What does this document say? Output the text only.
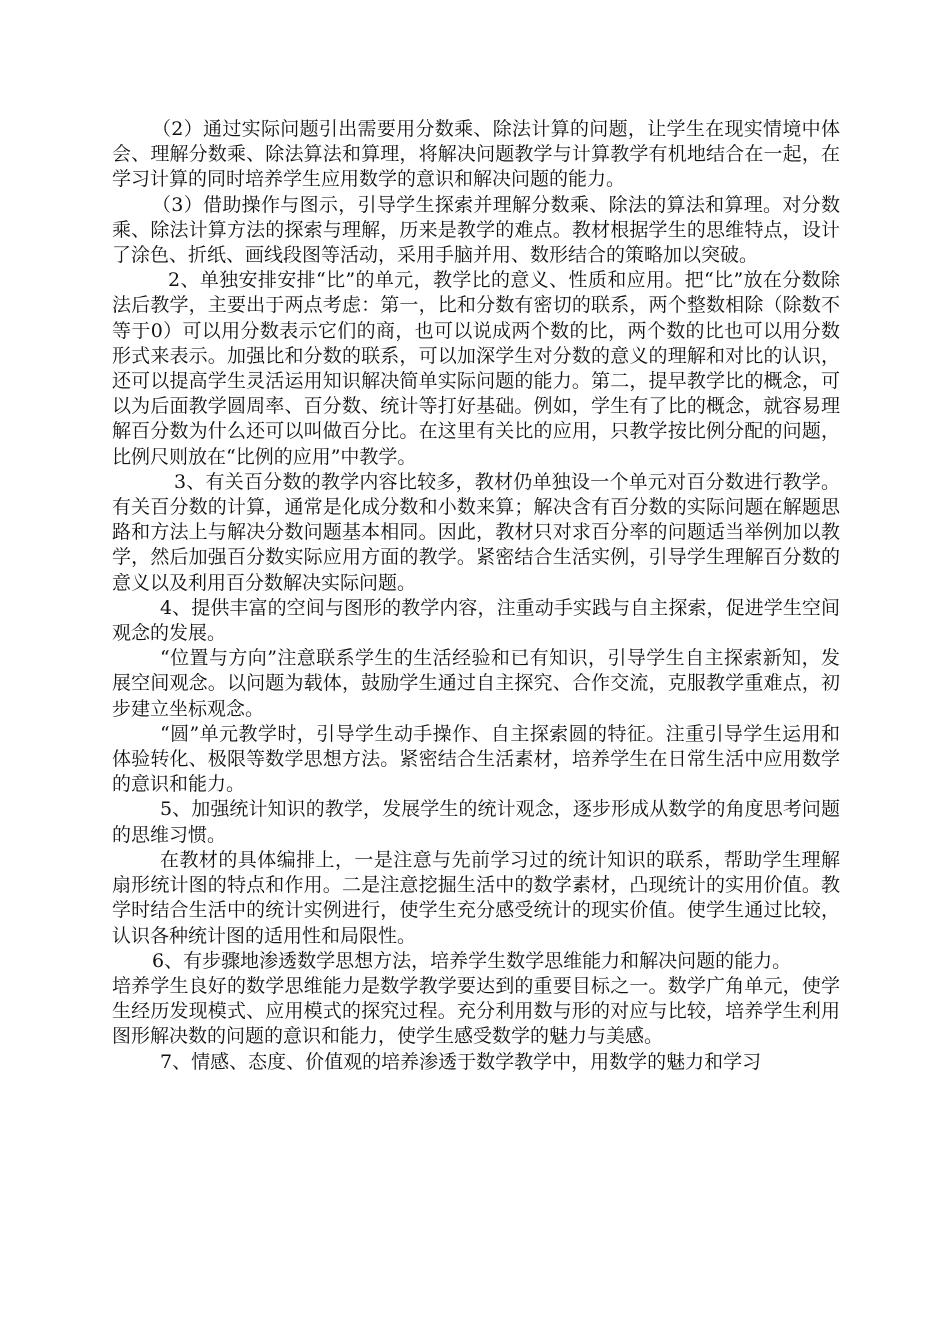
（2）通过实际问题引出需要用分数乘、除法计算的问题，让学生在现实情境中体会、理解分数乘、除法算法和算理，将解决问题教学与计算教学有机地结合在一起，在学习计算的同时培养学生应用数学的意识和解决问题的能力。

（3）借助操作与图示，引导学生探索并理解分数乘、除法的算法和算理。对分数乘、除法计算方法的探索与理解，历来是教学的难点。教材根据学生的思维特点，设计了涂色、折纸、画线段图等活动，采用手脑并用、数形结合的策略加以突破。

2、单独安排安排“比”的单元，教学比的意义、性质和应用。把“比”放在分数除法后教学，主要出于两点考虑：第一，比和分数有密切的联系，两个整数相除（除数不等于0）可以用分数表示它们的商，也可以说成两个数的比，两个数的比也可以用分数形式来表示。加强比和分数的联系，可以加深学生对分数的意义的理解和对比的认识，还可以提高学生灵活运用知识解决简单实际问题的能力。第二，提早教学比的概念，可以为后面教学圆周率、百分数、统计等打好基础。例如，学生有了比的概念，就容易理解百分数为什么还可以叫做百分比。在这里有关比的应用，只教学按比例分配的问题，比例尺则放在“比例的应用”中教学。

3、有关百分数的教学内容比较多，教材仍单独设一个单元对百分数进行教学。有关百分数的计算，通常是化成分数和小数来算；解决含有百分数的实际问题在解题思路和方法上与解决分数问题基本相同。因此，教材只对求百分率的问题适当举例加以教学，然后加强百分数实际应用方面的教学。紧密结合生活实例，引导学生理解百分数的意义以及利用百分数解决实际问题。

4、提供丰富的空间与图形的教学内容，注重动手实践与自主探索，促进学生空间观念的发展。

“位置与方向”注意联系学生的生活经验和已有知识，引导学生自主探索新知，发展空间观念。以问题为载体，鼓励学生通过自主探究、合作交流，克服教学重难点，初步建立坐标观念。

“圆”单元教学时，引导学生动手操作、自主探索圆的特征。注重引导学生运用和体验转化、极限等数学思想方法。紧密结合生活素材，培养学生在日常生活中应用数学的意识和能力。

5、加强统计知识的教学，发展学生的统计观念，逐步形成从数学的角度思考问题的思维习惯。

在教材的具体编排上，一是注意与先前学习过的统计知识的联系，帮助学生理解扇形统计图的特点和作用。二是注意挖掘生活中的数学素材，凸现统计的实用价值。教学时结合生活中的统计实例进行，使学生充分感受统计的现实价值。使学生通过比较，认识各种统计图的适用性和局限性。

6、有步骤地渗透数学思想方法，培养学生数学思维能力和解决问题的能力。

培养学生良好的数学思维能力是数学教学要达到的重要目标之一。数学广角单元，使学生经历发现模式、应用模式的探究过程。充分利用数与形的对应与比较，培养学生利用图形解决数的问题的意识和能力，使学生感受数学的魅力与美感。

7、情感、态度、价值观的培养渗透于数学教学中，用数学的魅力和学习
